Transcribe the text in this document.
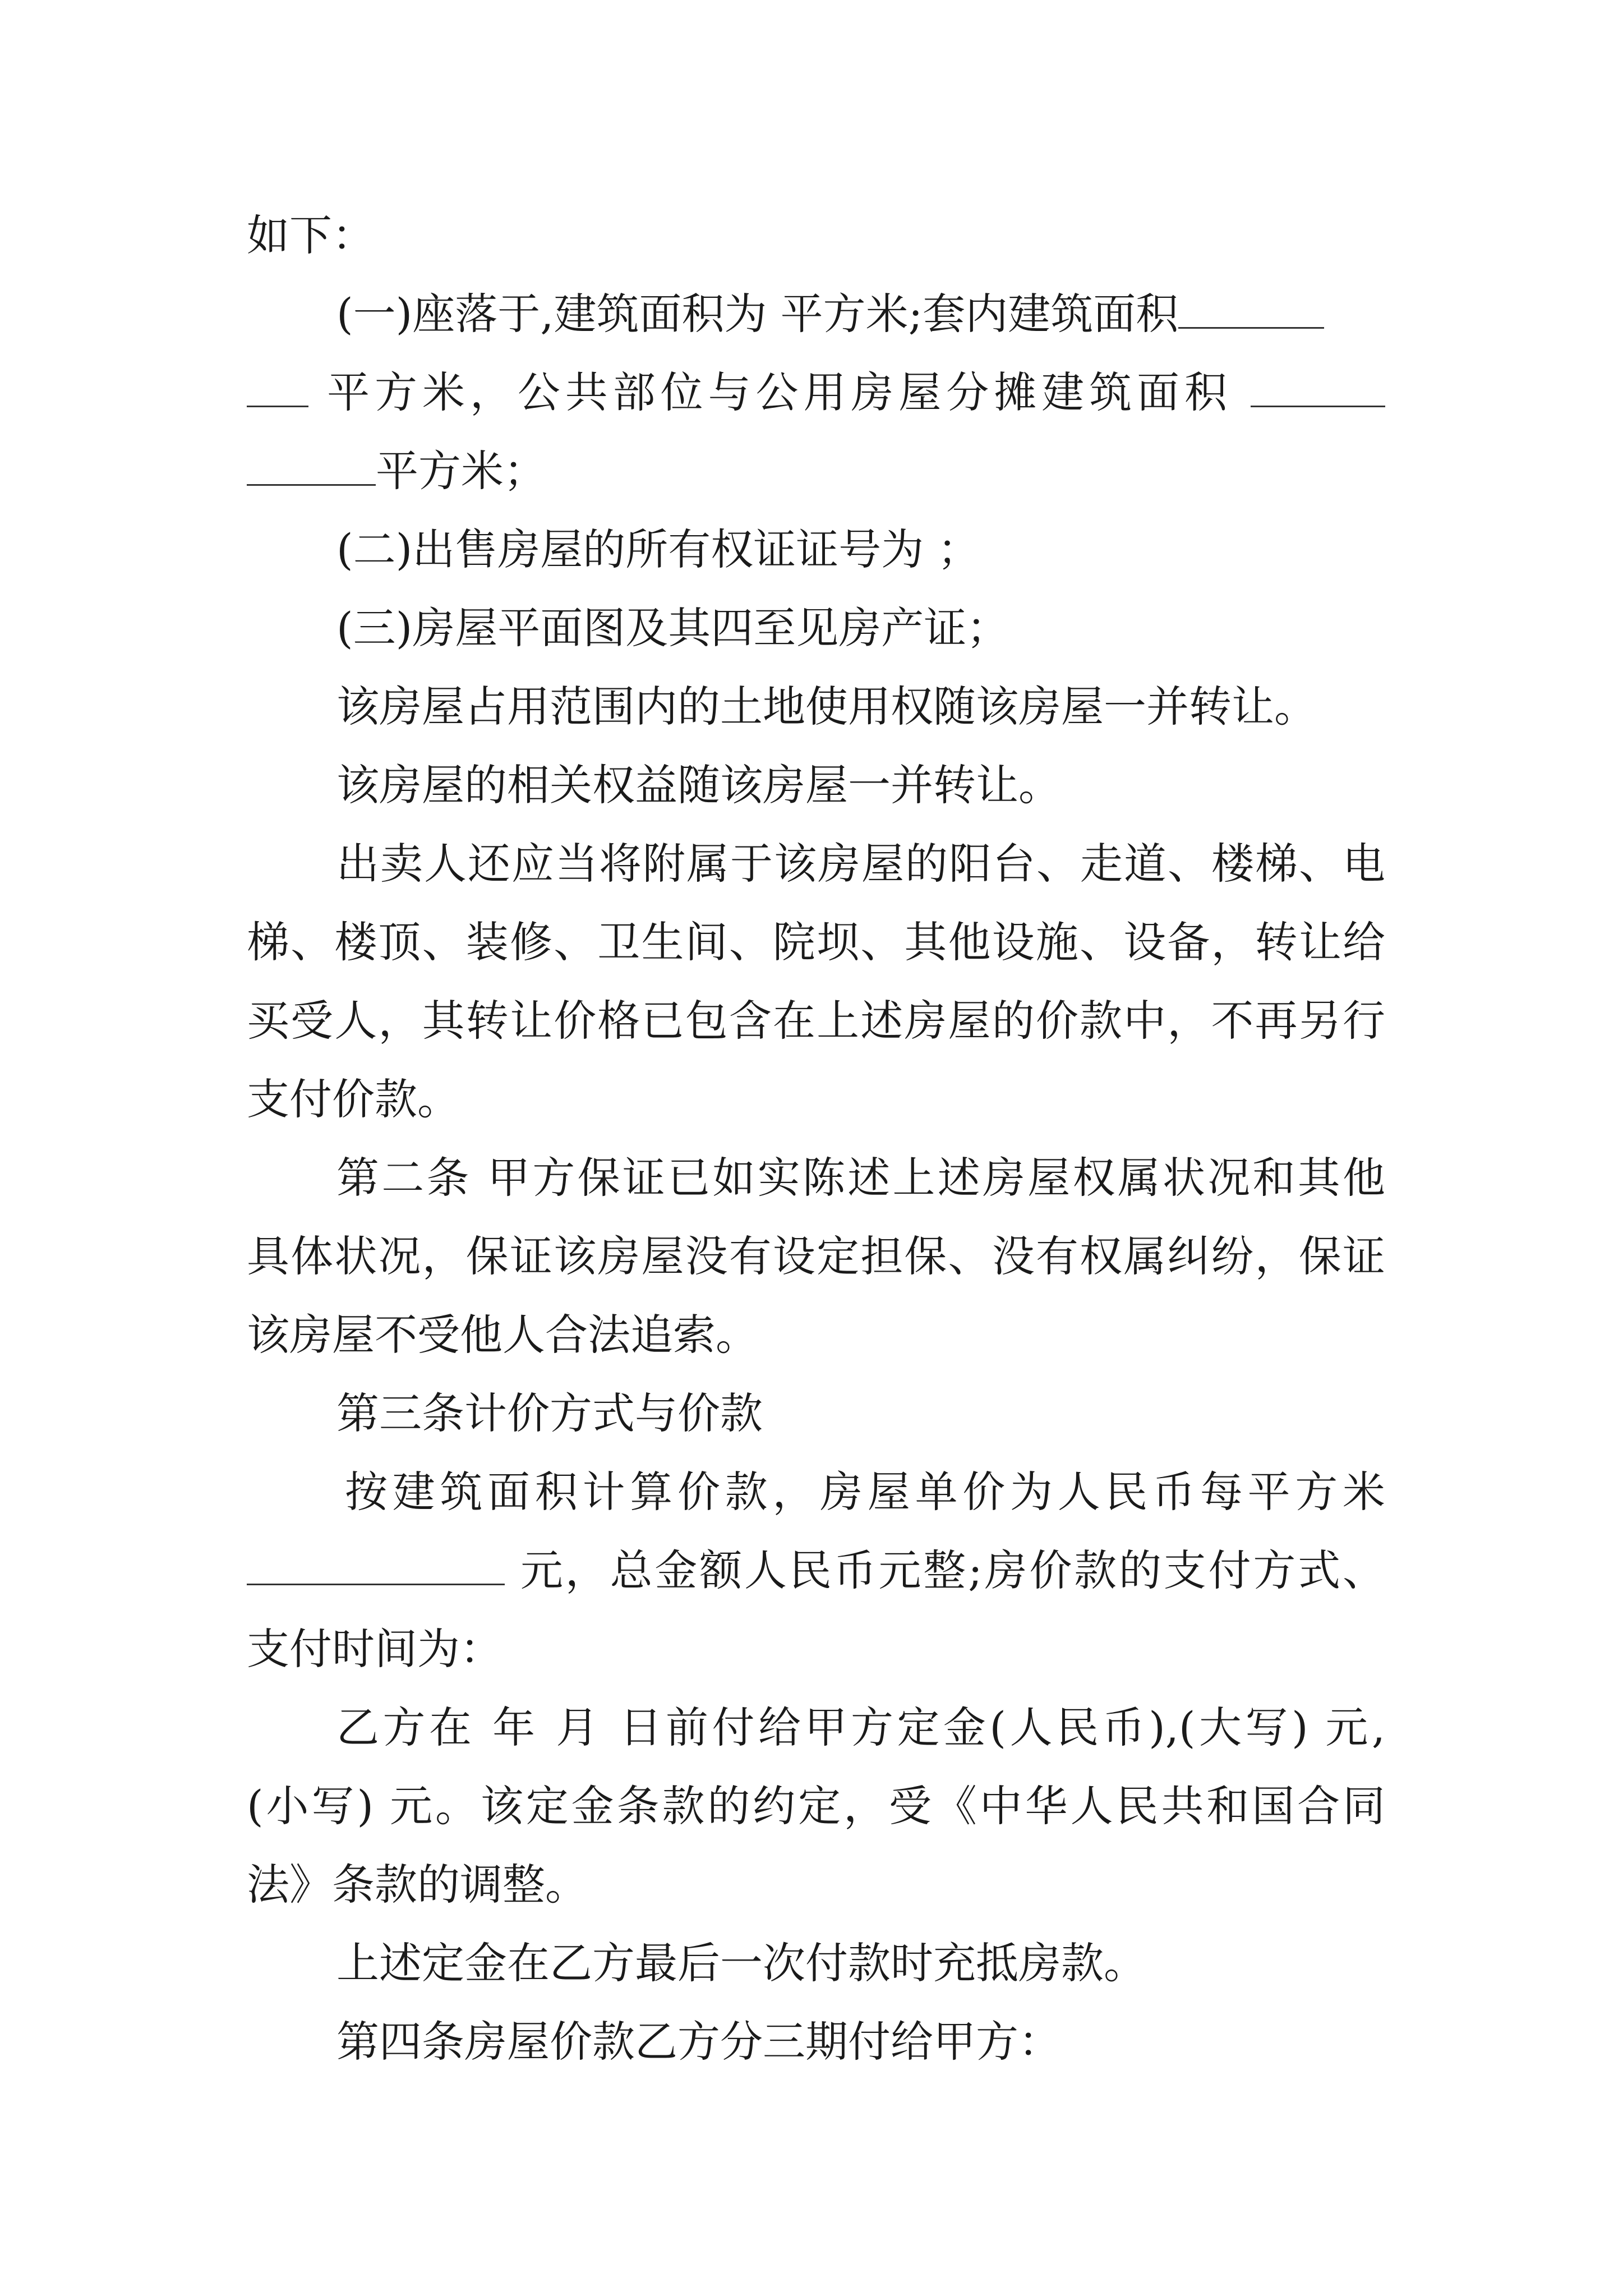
如下：
(一)座落于,建筑面积为 平方米;套内建筑面积
平方米，公共部位与公用房屋分摊建筑面积
平方米；
(二)出售房屋的所有权证证号为 ；
(三)房屋平面图及其四至见房产证；
该房屋占用范围内的土地使用权随该房屋一并转让。
该房屋的相关权益随该房屋一并转让。
出卖人还应当将附属于该房屋的阳台、走道、楼梯、电
梯、楼顶、装修、卫生间、院坝、其他设施、设备，转让给
买受人，其转让价格已包含在上述房屋的价款中，不再另行
支付价款。
第二条 甲方保证已如实陈述上述房屋权属状况和其他
具体状况，保证该房屋没有设定担保、没有权属纠纷，保证
该房屋不受他人合法追索。
第三条计价方式与价款
按建筑面积计算价款，房屋单价为人民币每平方米
元，总金额人民币元整;房价款的支付方式、
支付时间为：
乙方在 年 月 日前付给甲方定金(人民币),(大写) 元,
(小写) 元。该定金条款的约定，受《中华人民共和国合同
法》条款的调整。
上述定金在乙方最后一次付款时充抵房款。
第四条房屋价款乙方分三期付给甲方：
